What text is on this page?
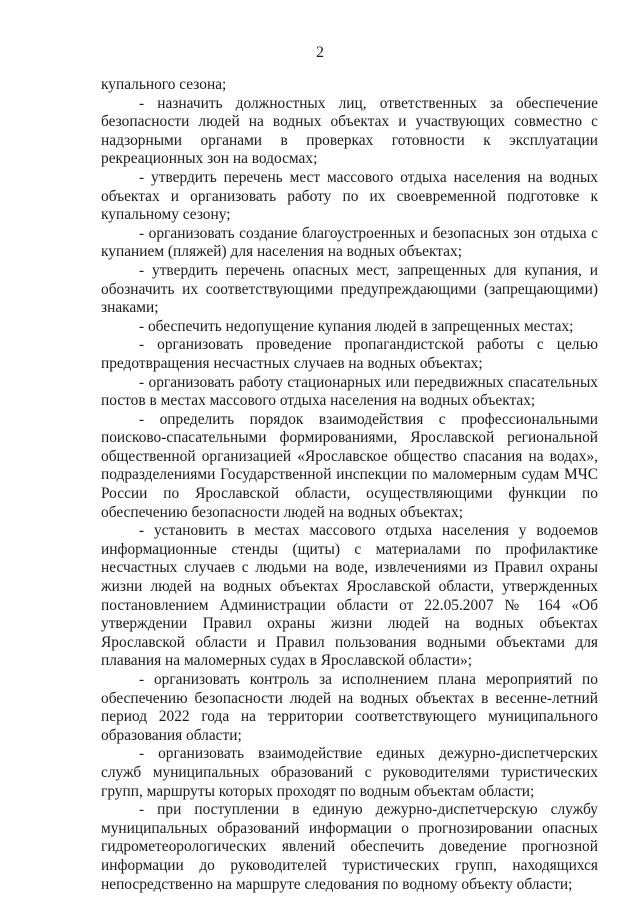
2

купального сезона;

- назначить должностных лиц, ответственных за обеспечение безопасности людей на водных объектах и участвующих совместно с надзорными органами в проверках готовности к эксплуатации рекреационных зон на водосмах;

- утвердить перечень мест массового отдыха населения на водных объектах и организовать работу по их своевременной подготовке к купальному сезону;

- организовать создание благоустроенных и безопасных зон отдыха с купанием (пляжей) для населения на водных объектах;

- утвердить перечень опасных мест, запрещенных для купания, и обозначить их соответствующими предупреждающими (запрещающими) знаками;

- обеспечить недопущение купания людей в запрещенных местах;

- организовать проведение пропагандистской работы с целью предотвращения несчастных случаев на водных объектах;

- организовать работу стационарных или передвижных спасательных постов в местах массового отдыха населения на водных объектах;

- определить порядок взаимодействия с профессиональными поисково-спасательными формированиями, Ярославской региональной общественной организацией «Ярославское общество спасания на водах», подразделениями Государственной инспекции по маломерным судам МЧС России по Ярославской области, осуществляющими функции по обеспечению безопасности людей на водных объектах;

- установить в местах массового отдыха населения у водоемов информационные стенды (щиты) с материалами по профилактике несчастных случаев с людьми на воде, извлечениями из Правил охраны жизни людей на водных объектах Ярославской области, утвержденных постановлением Администрации области от 22.05.2007 № 164 «Об утверждении Правил охраны жизни людей на водных объектах Ярославской области и Правил пользования водными объектами для плавания на маломерных судах в Ярославской области»;

- организовать контроль за исполнением плана мероприятий по обеспечению безопасности людей на водных объектах в весенне-летний период 2022 года на территории соответствующего муниципального образования области;

- организовать взаимодействие единых дежурно-диспетчерских служб муниципальных образований с руководителями туристических групп, маршруты которых проходят по водным объектам области;

- при поступлении в единую дежурно-диспетчерскую службу муниципальных образований информации о прогнозировании опасных гидрометеорологических явлений обеспечить доведение прогнозной информации до руководителей туристических групп, находящихся непосредственно на маршруте следования по водному объекту области;
